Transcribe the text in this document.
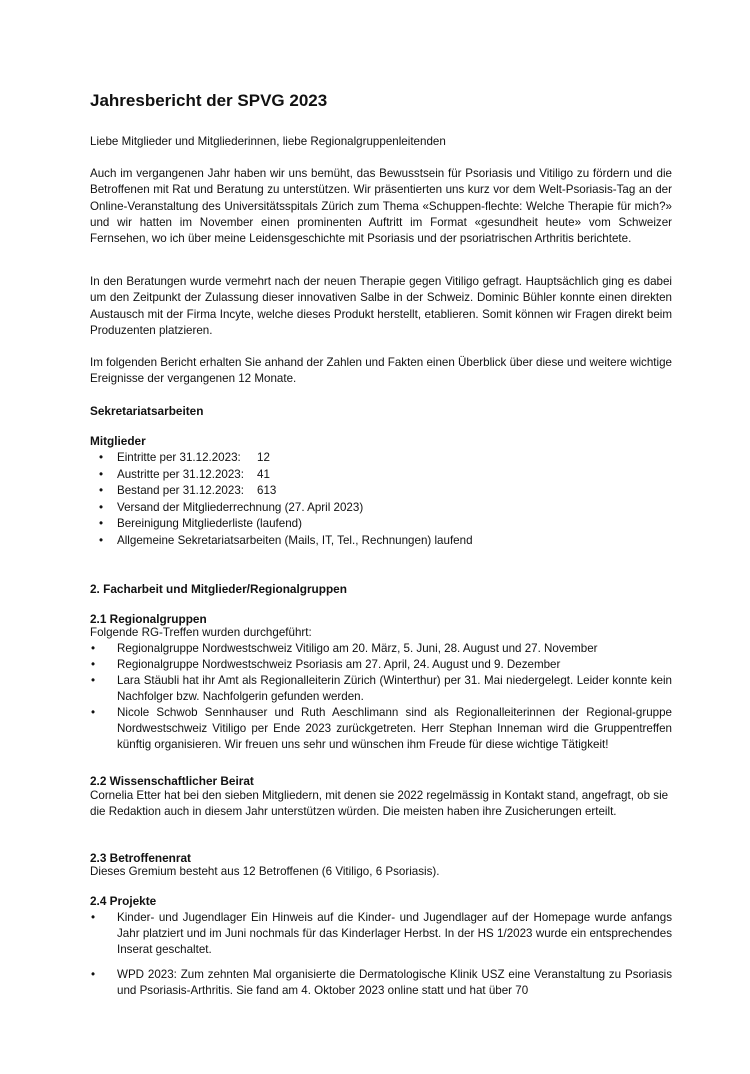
Jahresbericht der SPVG 2023
Liebe Mitglieder und Mitgliederinnen, liebe Regionalgruppenleitenden
Auch im vergangenen Jahr haben wir uns bemüht, das Bewusstsein für Psoriasis und Vitiligo zu fördern und die Betroffenen mit Rat und Beratung zu unterstützen. Wir präsentierten uns kurz vor dem Welt-Psoriasis-Tag an der Online-Veranstaltung des Universitätsspitals Zürich zum Thema «Schuppen-flechte: Welche Therapie für mich?» und wir hatten im November einen prominenten Auftritt im Format «gesundheit heute» vom Schweizer Fernsehen, wo ich über meine Leidensgeschichte mit Psoriasis und der psoriatrischen Arthritis berichtete.
In den Beratungen wurde vermehrt nach der neuen Therapie gegen Vitiligo gefragt. Hauptsächlich ging es dabei um den Zeitpunkt der Zulassung dieser innovativen Salbe in der Schweiz. Dominic Bühler konnte einen direkten Austausch mit der Firma Incyte, welche dieses Produkt herstellt, etablieren. Somit können wir Fragen direkt beim Produzenten platzieren.
Im folgenden Bericht erhalten Sie anhand der Zahlen und Fakten einen Überblick über diese und weitere wichtige Ereignisse der vergangenen 12 Monate.
Sekretariatsarbeiten
Mitglieder
• Eintritte per 31.12.2023: 12
• Austritte per 31.12.2023: 41
• Bestand per 31.12.2023: 613
• Versand der Mitgliederrechnung (27. April 2023)
• Bereinigung Mitgliederliste (laufend)
• Allgemeine Sekretariatsarbeiten (Mails, IT, Tel., Rechnungen) laufend
2. Facharbeit und Mitglieder/Regionalgruppen
2.1 Regionalgruppen
Folgende RG-Treffen wurden durchgeführt:
• Regionalgruppe Nordwestschweiz Vitiligo am 20. März, 5. Juni, 28. August und 27. November
• Regionalgruppe Nordwestschweiz Psoriasis am 27. April, 24. August und 9. Dezember
• Lara Stäubli hat ihr Amt als Regionalleiterin Zürich (Winterthur) per 31. Mai niedergelegt. Leider konnte kein Nachfolger bzw. Nachfolgerin gefunden werden.
• Nicole Schwob Sennhauser und Ruth Aeschlimann sind als Regionalleiterinnen der Regional-gruppe Nordwestschweiz Vitiligo per Ende 2023 zurückgetreten. Herr Stephan Inneman wird die Gruppentreffen künftig organisieren. Wir freuen uns sehr und wünschen ihm Freude für diese wichtige Tätigkeit!
2.2 Wissenschaftlicher Beirat
Cornelia Etter hat bei den sieben Mitgliedern, mit denen sie 2022 regelmässig in Kontakt stand, angefragt, ob sie die Redaktion auch in diesem Jahr unterstützen würden. Die meisten haben ihre Zusicherungen erteilt.
2.3 Betroffenenrat
Dieses Gremium besteht aus 12 Betroffenen (6 Vitiligo, 6 Psoriasis).
2.4 Projekte
• Kinder- und Jugendlager Ein Hinweis auf die Kinder- und Jugendlager auf der Homepage wurde anfangs Jahr platziert und im Juni nochmals für das Kinderlager Herbst. In der HS 1/2023 wurde ein entsprechendes Inserat geschaltet.
• WPD 2023: Zum zehnten Mal organisierte die Dermatologische Klinik USZ eine Veranstaltung zu Psoriasis und Psoriasis-Arthritis. Sie fand am 4. Oktober 2023 online statt und hat über 70
